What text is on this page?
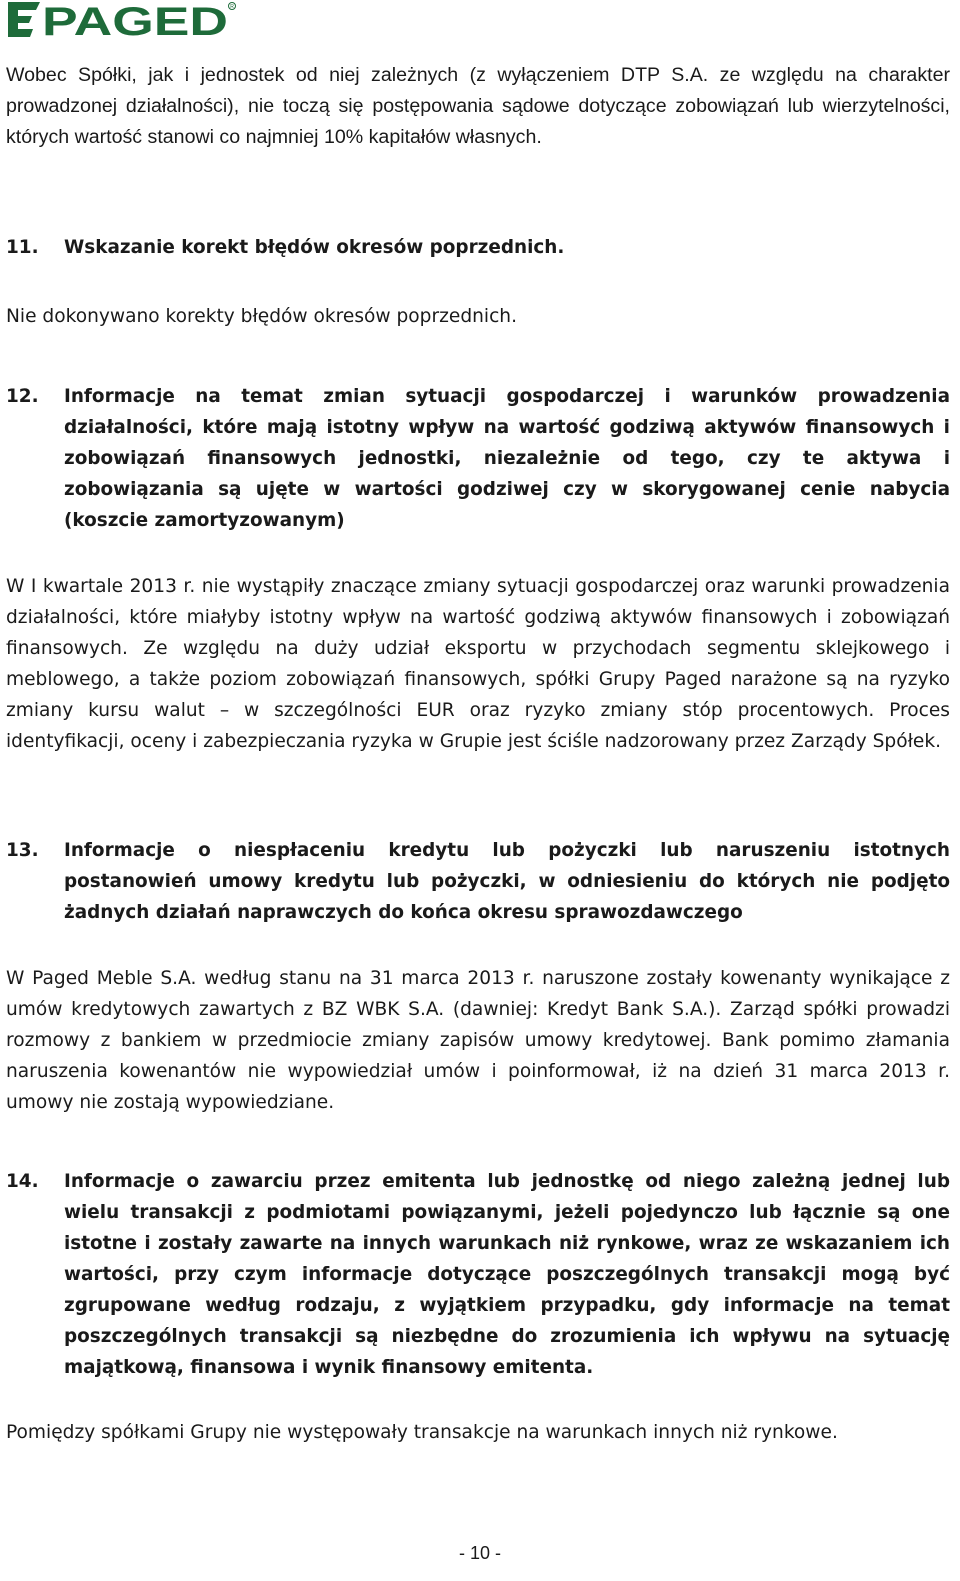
PAGED R
Wobec Spółki, jak i jednostek od niej zależnych (z wyłączeniem DTP S.A. ze względu na charakter prowadzonej działalności), nie toczą się postępowania sądowe dotyczące zobowiązań lub wierzytelności, których wartość stanowi co najmniej 10% kapitałów własnych.
11.	Wskazanie korekt błędów okresów poprzednich.
Nie dokonywano korekty błędów okresów poprzednich.
12.	Informacje na temat zmian sytuacji gospodarczej i warunków prowadzenia działalności, które mają istotny wpływ na wartość godziwą aktywów finansowych i zobowiązań finansowych jednostki, niezależnie od tego, czy te aktywa i zobowiązania są ujęte w wartości godziwej czy w skorygowanej cenie nabycia (koszcie zamortyzowanym)
W I kwartale 2013 r. nie wystąpiły znaczące zmiany sytuacji gospodarczej oraz warunki prowadzenia działalności, które miałyby istotny wpływ na wartość godziwą aktywów finansowych i zobowiązań finansowych. Ze względu na duży udział eksportu w przychodach segmentu sklejkowego i meblowego, a także poziom zobowiązań finansowych, spółki Grupy Paged narażone są na ryzyko zmiany kursu walut – w szczególności EUR oraz ryzyko zmiany stóp procentowych. Proces identyfikacji, oceny i zabezpieczania ryzyka w Grupie jest ściśle nadzorowany przez Zarządy Spółek.
13.	Informacje o niespłaceniu kredytu lub pożyczki lub naruszeniu istotnych postanowień umowy kredytu lub pożyczki, w odniesieniu do których nie podjęto żadnych działań naprawczych do końca okresu sprawozdawczego
W Paged Meble S.A. według stanu na 31 marca 2013 r. naruszone zostały kowenanty wynikające z umów kredytowych zawartych z BZ WBK S.A. (dawniej: Kredyt Bank S.A.). Zarząd spółki prowadzi rozmowy z bankiem w przedmiocie zmiany zapisów umowy kredytowej. Bank pomimo złamania naruszenia kowenantów nie wypowiedział umów i poinformował, iż na dzień 31 marca 2013 r. umowy nie zostają wypowiedziane.
14.	Informacje o zawarciu przez emitenta lub jednostkę od niego zależną jednej lub wielu transakcji z podmiotami powiązanymi, jeżeli pojedynczo lub łącznie są one istotne i zostały zawarte na innych warunkach niż rynkowe, wraz ze wskazaniem ich wartości, przy czym informacje dotyczące poszczególnych transakcji mogą być zgrupowane według rodzaju, z wyjątkiem przypadku, gdy informacje na temat poszczególnych transakcji są niezbędne do zrozumienia ich wpływu na sytuację majątkową, finansowa i wynik finansowy emitenta.
Pomiędzy spółkami Grupy nie występowały transakcje na warunkach innych niż rynkowe.
- 10 -
